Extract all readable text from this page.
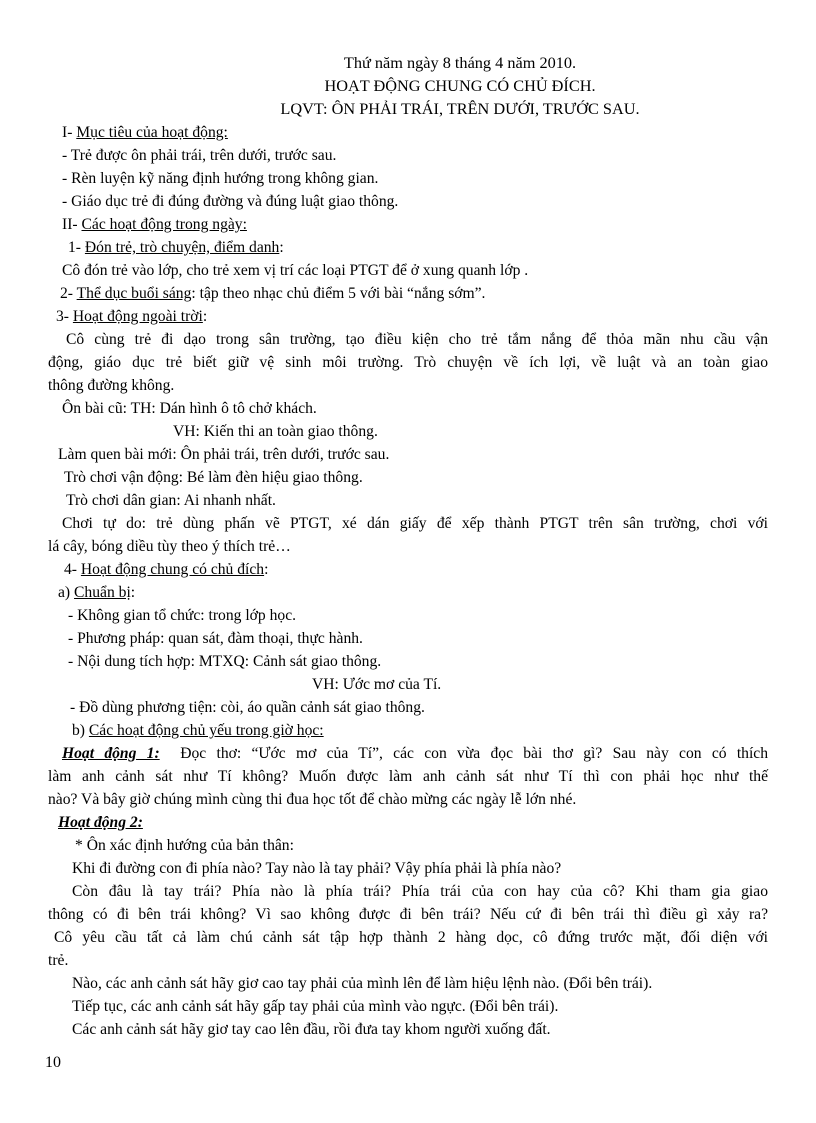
Thứ năm ngày 8 tháng 4 năm 2010.
HOẠT ĐỘNG CHUNG CÓ CHỦ ĐÍCH.
LQVT: ÔN PHẢI TRÁI, TRÊN DƯỚI, TRƯỚC SAU.
I- Mục tiêu của hoạt động:
- Trẻ được ôn phải trái, trên dưới, trước sau.
- Rèn luyện kỹ năng định hướng trong không gian.
- Giáo dục trẻ đi đúng đường và đúng luật giao thông.
II- Các hoạt động trong ngày:
1- Đón trẻ, trò chuyện, điểm danh:
Cô đón trẻ vào lớp, cho trẻ xem vị trí các loại PTGT để ở xung quanh lớp .
2- Thể dục buổi sáng: tập theo nhạc chủ điểm 5 với bài “nắng sớm”.
3- Hoạt động ngoài trời:
Cô cùng trẻ đi dạo trong sân trường, tạo điều kiện cho trẻ tắm nắng để thỏa mãn nhu cầu vận
động, giáo dục trẻ biết giữ vệ sinh môi trường. Trò chuyện về ích lợi, về luật và an toàn giao
thông đường không.
Ôn bài cũ: TH: Dán hình ô tô chở khách.
VH: Kiến thi an toàn giao thông.
Làm quen bài mới: Ôn phải trái, trên dưới, trước sau.
Trò chơi vận động: Bé làm đèn hiệu giao thông.
Trò chơi dân gian: Ai nhanh nhất.
Chơi tự do: trẻ dùng phấn vẽ PTGT, xé dán giấy để xếp thành PTGT trên sân trường, chơi với
lá cây, bóng diều tùy theo ý thích trẻ…
4- Hoạt động chung có chủ đích:
a) Chuẩn bị:
- Không gian tổ chức: trong lớp học.
- Phương pháp: quan sát, đàm thoại, thực hành.
- Nội dung tích hợp: MTXQ: Cảnh sát giao thông.
VH: Ước mơ của Tí.
- Đồ dùng phương tiện: còi, áo quần cảnh sát giao thông.
b) Các hoạt động chủ yếu trong giờ học:
Hoạt động 1: Đọc thơ: “Ước mơ của Tí”, các con vừa đọc bài thơ gì? Sau này con có thích
làm anh cảnh sát như Tí không? Muốn được làm anh cảnh sát như Tí thì con phải học như thế
nào? Và bây giờ chúng mình cùng thi đua học tốt để chào mừng các ngày lễ lớn nhé.
Hoạt động 2:
* Ôn xác định hướng của bản thân:
Khi đi đường con đi phía nào? Tay nào là tay phải? Vậy phía phải là phía nào?
Còn đâu là tay trái? Phía nào là phía trái? Phía trái của con hay của cô? Khi tham gia giao
thông có đi bên trái không? Vì sao không được đi bên trái? Nếu cứ đi bên trái thì điều gì xảy ra?
Cô yêu cầu tất cả làm chú cảnh sát tập hợp thành 2 hàng dọc, cô đứng trước mặt, đối diện với
trẻ.
Nào, các anh cảnh sát hãy giơ cao tay phải của mình lên để làm hiệu lệnh nào. (Đổi bên trái).
Tiếp tục, các anh cảnh sát hãy gấp tay phải của mình vào ngực. (Đổi bên trái).
Các anh cảnh sát hãy giơ tay cao lên đầu, rồi đưa tay khom người xuống đất.
10
